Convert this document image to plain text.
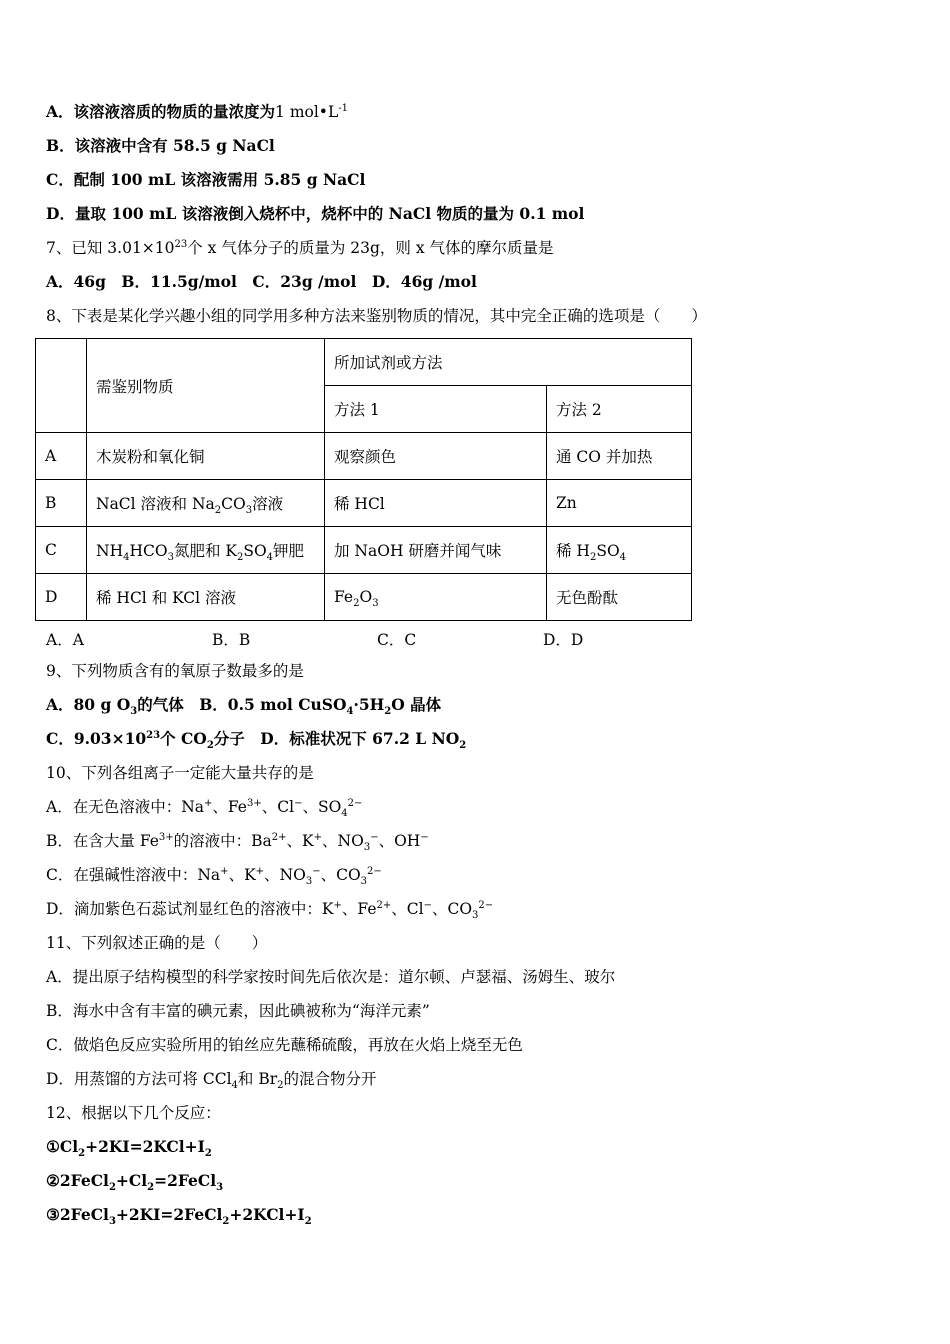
A．该溶液溶质的物质的量浓度为1 $mol•L^{-1}$
B．该溶液中含有 58.5 g NaCl
C．配制 100 mL 该溶液需用 5.85 g NaCl
D．量取 100 mL 该溶液倒入烧杯中，烧杯中的 NaCl 物质的量为 0.1 mol
7、已知 $3.01\times 10^{23}$个 x 气体分子的质量为 23g，则 x 气体的摩尔质量是
A．46g　B．11.5g/mol　C．23g /mol　D．46g /mol
8、下表是某化学兴趣小组的同学用多种方法来鉴别物质的情况，其中完全正确的选项是（　　）
	需鉴别物质	所加试剂或方法	
		方法 1	方法 2
A	木炭粉和氧化铜	观察颜色	通 CO 并加热
B	NaCl 溶液和 $Na_2CO_3$溶液	稀 HCl	Zn
C	$NH_4HCO_3$氮肥和 $K_2SO_4$钾肥	加 NaOH 研磨并闻气味	稀 $H_2SO_4$
D	稀 HCl 和 KCl 溶液	$Fe_2O_3$	无色酚酞
A．A	B．B	C．C	D．D
9、下列物质含有的氧原子数最多的是
A．80 g $O_3$的气体　B．0.5 mol $CuSO_4\cdot 5H_2O$ 晶体
C．$9.03\times 10^{23}$个 $CO_2$分子　D．标准状况下 67.2 L $NO_2$
10、下列各组离子一定能大量共存的是
A．在无色溶液中：Na+、$Fe^{3+}$、Cl−、$SO_4^{2-}$
B．在含大量 $Fe^{3+}$的溶液中：$Ba^{2+}$、K+、$NO_3^-$、OH−
C．在强碱性溶液中：Na+、K+、$NO_3^-$、$CO_3^{2-}$
D．滴加紫色石蕊试剂显红色的溶液中：K+、$Fe^{2+}$、Cl−、$CO_3^{2-}$
11、下列叙述正确的是（　　）
A．提出原子结构模型的科学家按时间先后依次是：道尔顿、卢瑟福、汤姆生、玻尔
B．海水中含有丰富的碘元素，因此碘被称为“海洋元素”
C．做焰色反应实验所用的铂丝应先蘸稀硫酸，再放在火焰上烧至无色
D．用蒸馏的方法可将 CCl$_4$和 $Br_2$的混合物分开
12、根据以下几个反应：
$①Cl_2+2KI=2KCl+I_2$
$②2FeCl_2+Cl_2=2FeCl_3$
$③2FeCl_3+2KI=2FeCl_2+2KCl+I_2$
